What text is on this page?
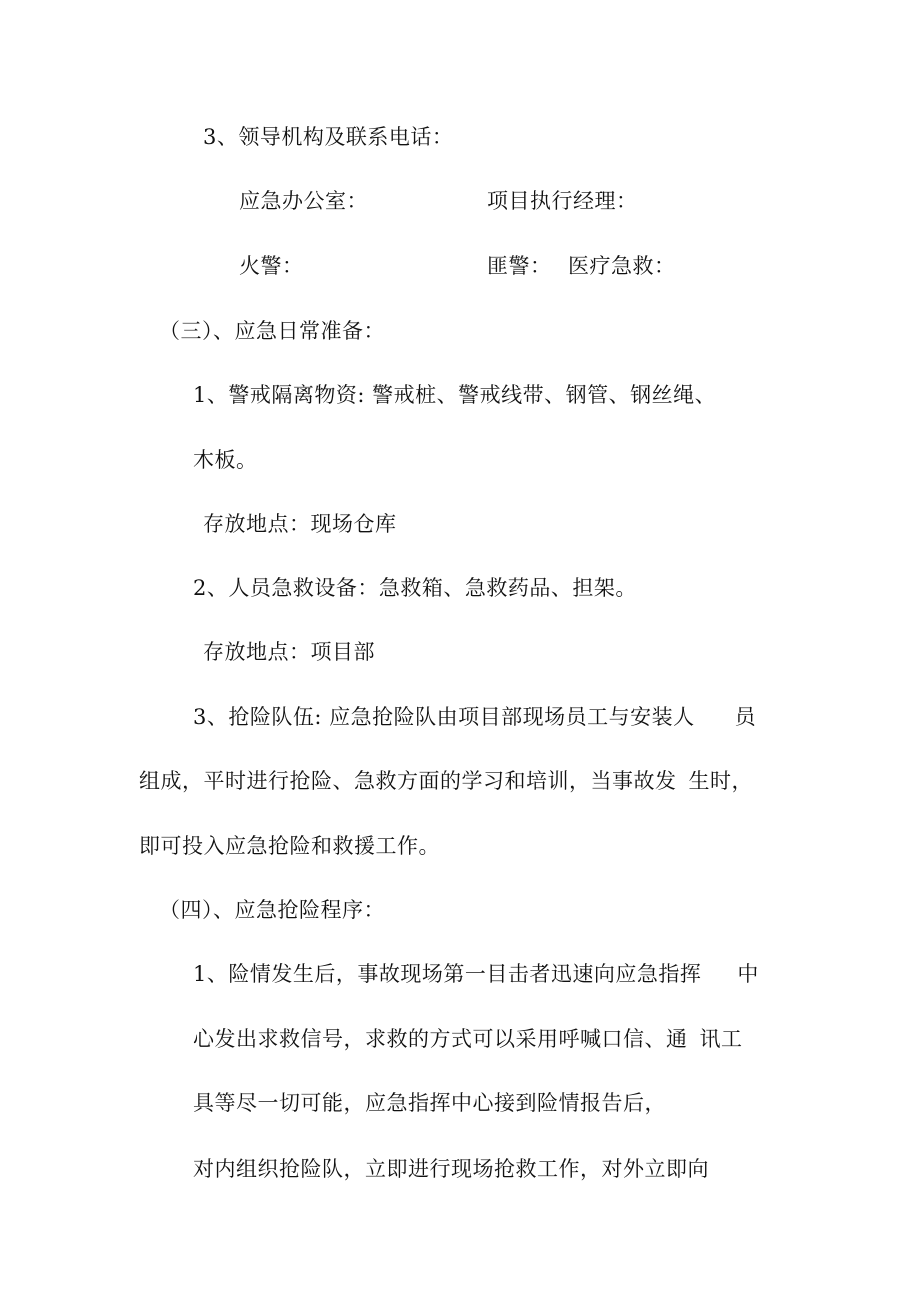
3、领导机构及联系电话：
应急办公室：	项目执行经理：
火警：	匪警： 医疗急救：
（三）、应急日常准备：
1、警戒隔离物资: 警戒桩、警戒线带、钢管、钢丝绳、
木板。
存放地点：现场仓库
2、人员急救设备：急救箱、急救药品、担架。
存放地点：项目部
3、抢险队伍: 应急抢险队由项目部现场员工与安装人 员
组成，平时进行抢险、急救方面的学习和培训，当事故发 生时，
即可投入应急抢险和救援工作。
（四）、应急抢险程序：
1、险情发生后，事故现场第一目击者迅速向应急指挥 中
心发出求救信号，求救的方式可以采用呼喊口信、通 讯工
具等尽一切可能，应急指挥中心接到险情报告后，
对内组织抢险队，立即进行现场抢救工作，对外立即向
